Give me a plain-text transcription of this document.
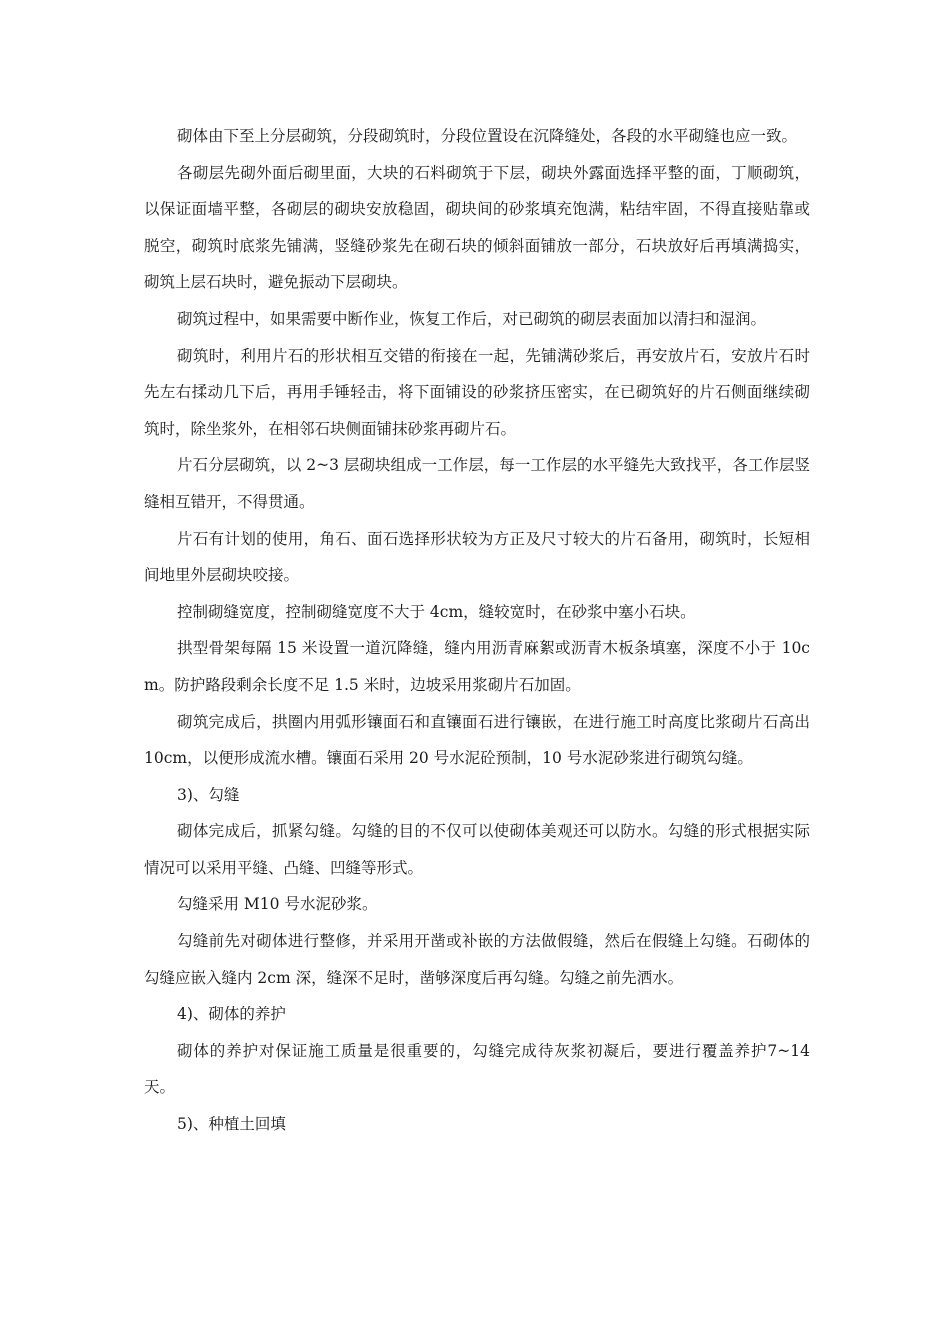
砌体由下至上分层砌筑，分段砌筑时，分段位置设在沉降缝处，各段的水平砌缝也应一致。

各砌层先砌外面后砌里面，大块的石料砌筑于下层，砌块外露面选择平整的面，丁顺砌筑，以保证面墙平整，各砌层的砌块安放稳固，砌块间的砂浆填充饱满，粘结牢固，不得直接贴靠或脱空，砌筑时底浆先铺满，竖缝砂浆先在砌石块的倾斜面铺放一部分，石块放好后再填满捣实，砌筑上层石块时，避免振动下层砌块。

砌筑过程中，如果需要中断作业，恢复工作后，对已砌筑的砌层表面加以清扫和湿润。

砌筑时，利用片石的形状相互交错的衔接在一起，先铺满砂浆后，再安放片石，安放片石时先左右揉动几下后，再用手锤轻击，将下面铺设的砂浆挤压密实，在已砌筑好的片石侧面继续砌筑时，除坐浆外，在相邻石块侧面铺抹砂浆再砌片石。

片石分层砌筑，以 2~3 层砌块组成一工作层，每一工作层的水平缝先大致找平，各工作层竖缝相互错开，不得贯通。

片石有计划的使用，角石、面石选择形状较为方正及尺寸较大的片石备用，砌筑时，长短相间地里外层砌块咬接。

控制砌缝宽度，控制砌缝宽度不大于 4cm，缝较宽时，在砂浆中塞小石块。

拱型骨架每隔 15 米设置一道沉降缝，缝内用沥青麻絮或沥青木板条填塞，深度不小于 10cm。防护路段剩余长度不足 1.5 米时，边坡采用浆砌片石加固。

砌筑完成后，拱圈内用弧形镶面石和直镶面石进行镶嵌，在进行施工时高度比浆砌片石高出 10cm，以便形成流水槽。镶面石采用 20 号水泥砼预制，10 号水泥砂浆进行砌筑勾缝。

3)、勾缝

砌体完成后，抓紧勾缝。勾缝的目的不仅可以使砌体美观还可以防水。勾缝的形式根据实际情况可以采用平缝、凸缝、凹缝等形式。

勾缝采用 M10 号水泥砂浆。

勾缝前先对砌体进行整修，并采用开凿或补嵌的方法做假缝，然后在假缝上勾缝。石砌体的勾缝应嵌入缝内 2cm 深，缝深不足时，凿够深度后再勾缝。勾缝之前先洒水。

4)、砌体的养护

砌体的养护对保证施工质量是很重要的，勾缝完成待灰浆初凝后，要进行覆盖养护7~14 天。

5)、种植土回填
